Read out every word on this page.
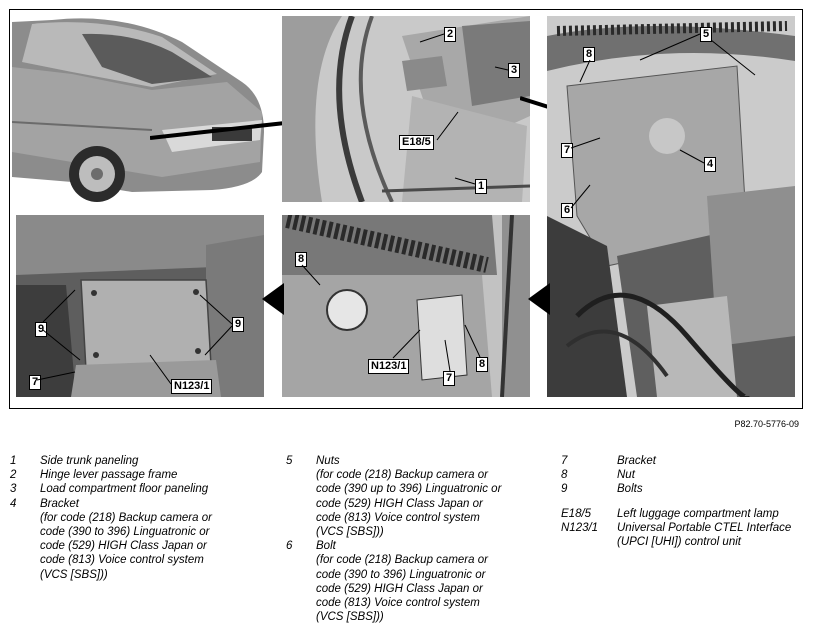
2
3
E18/5
1
8
5
7
4
6
8
N123/1
7
8
9	9
7	N123/1
P82.70-5776-09
1	Side trunk paneling
2	Hinge lever passage frame
3	Load compartment floor paneling
4	Bracket
(for code (218) Backup camera or
code (390 to 396) Linguatronic or
code (529) HIGH Class Japan or
code (813) Voice control system
(VCS [SBS]))
5	Nuts
(for code (218) Backup camera or
code (390 up to 396) Linguatronic or
code (529) HIGH Class Japan or
code (813) Voice control system
(VCS [SBS]))
6	Bolt
(for code (218) Backup camera or
code (390 to 396) Linguatronic or
code (529) HIGH Class Japan or
code (813) Voice control system
(VCS [SBS]))
7	Bracket
8	Nut
9	Bolts
E18/5	Left luggage compartment lamp
N123/1	Universal Portable CTEL Interface
(UPCI [UHI]) control unit
